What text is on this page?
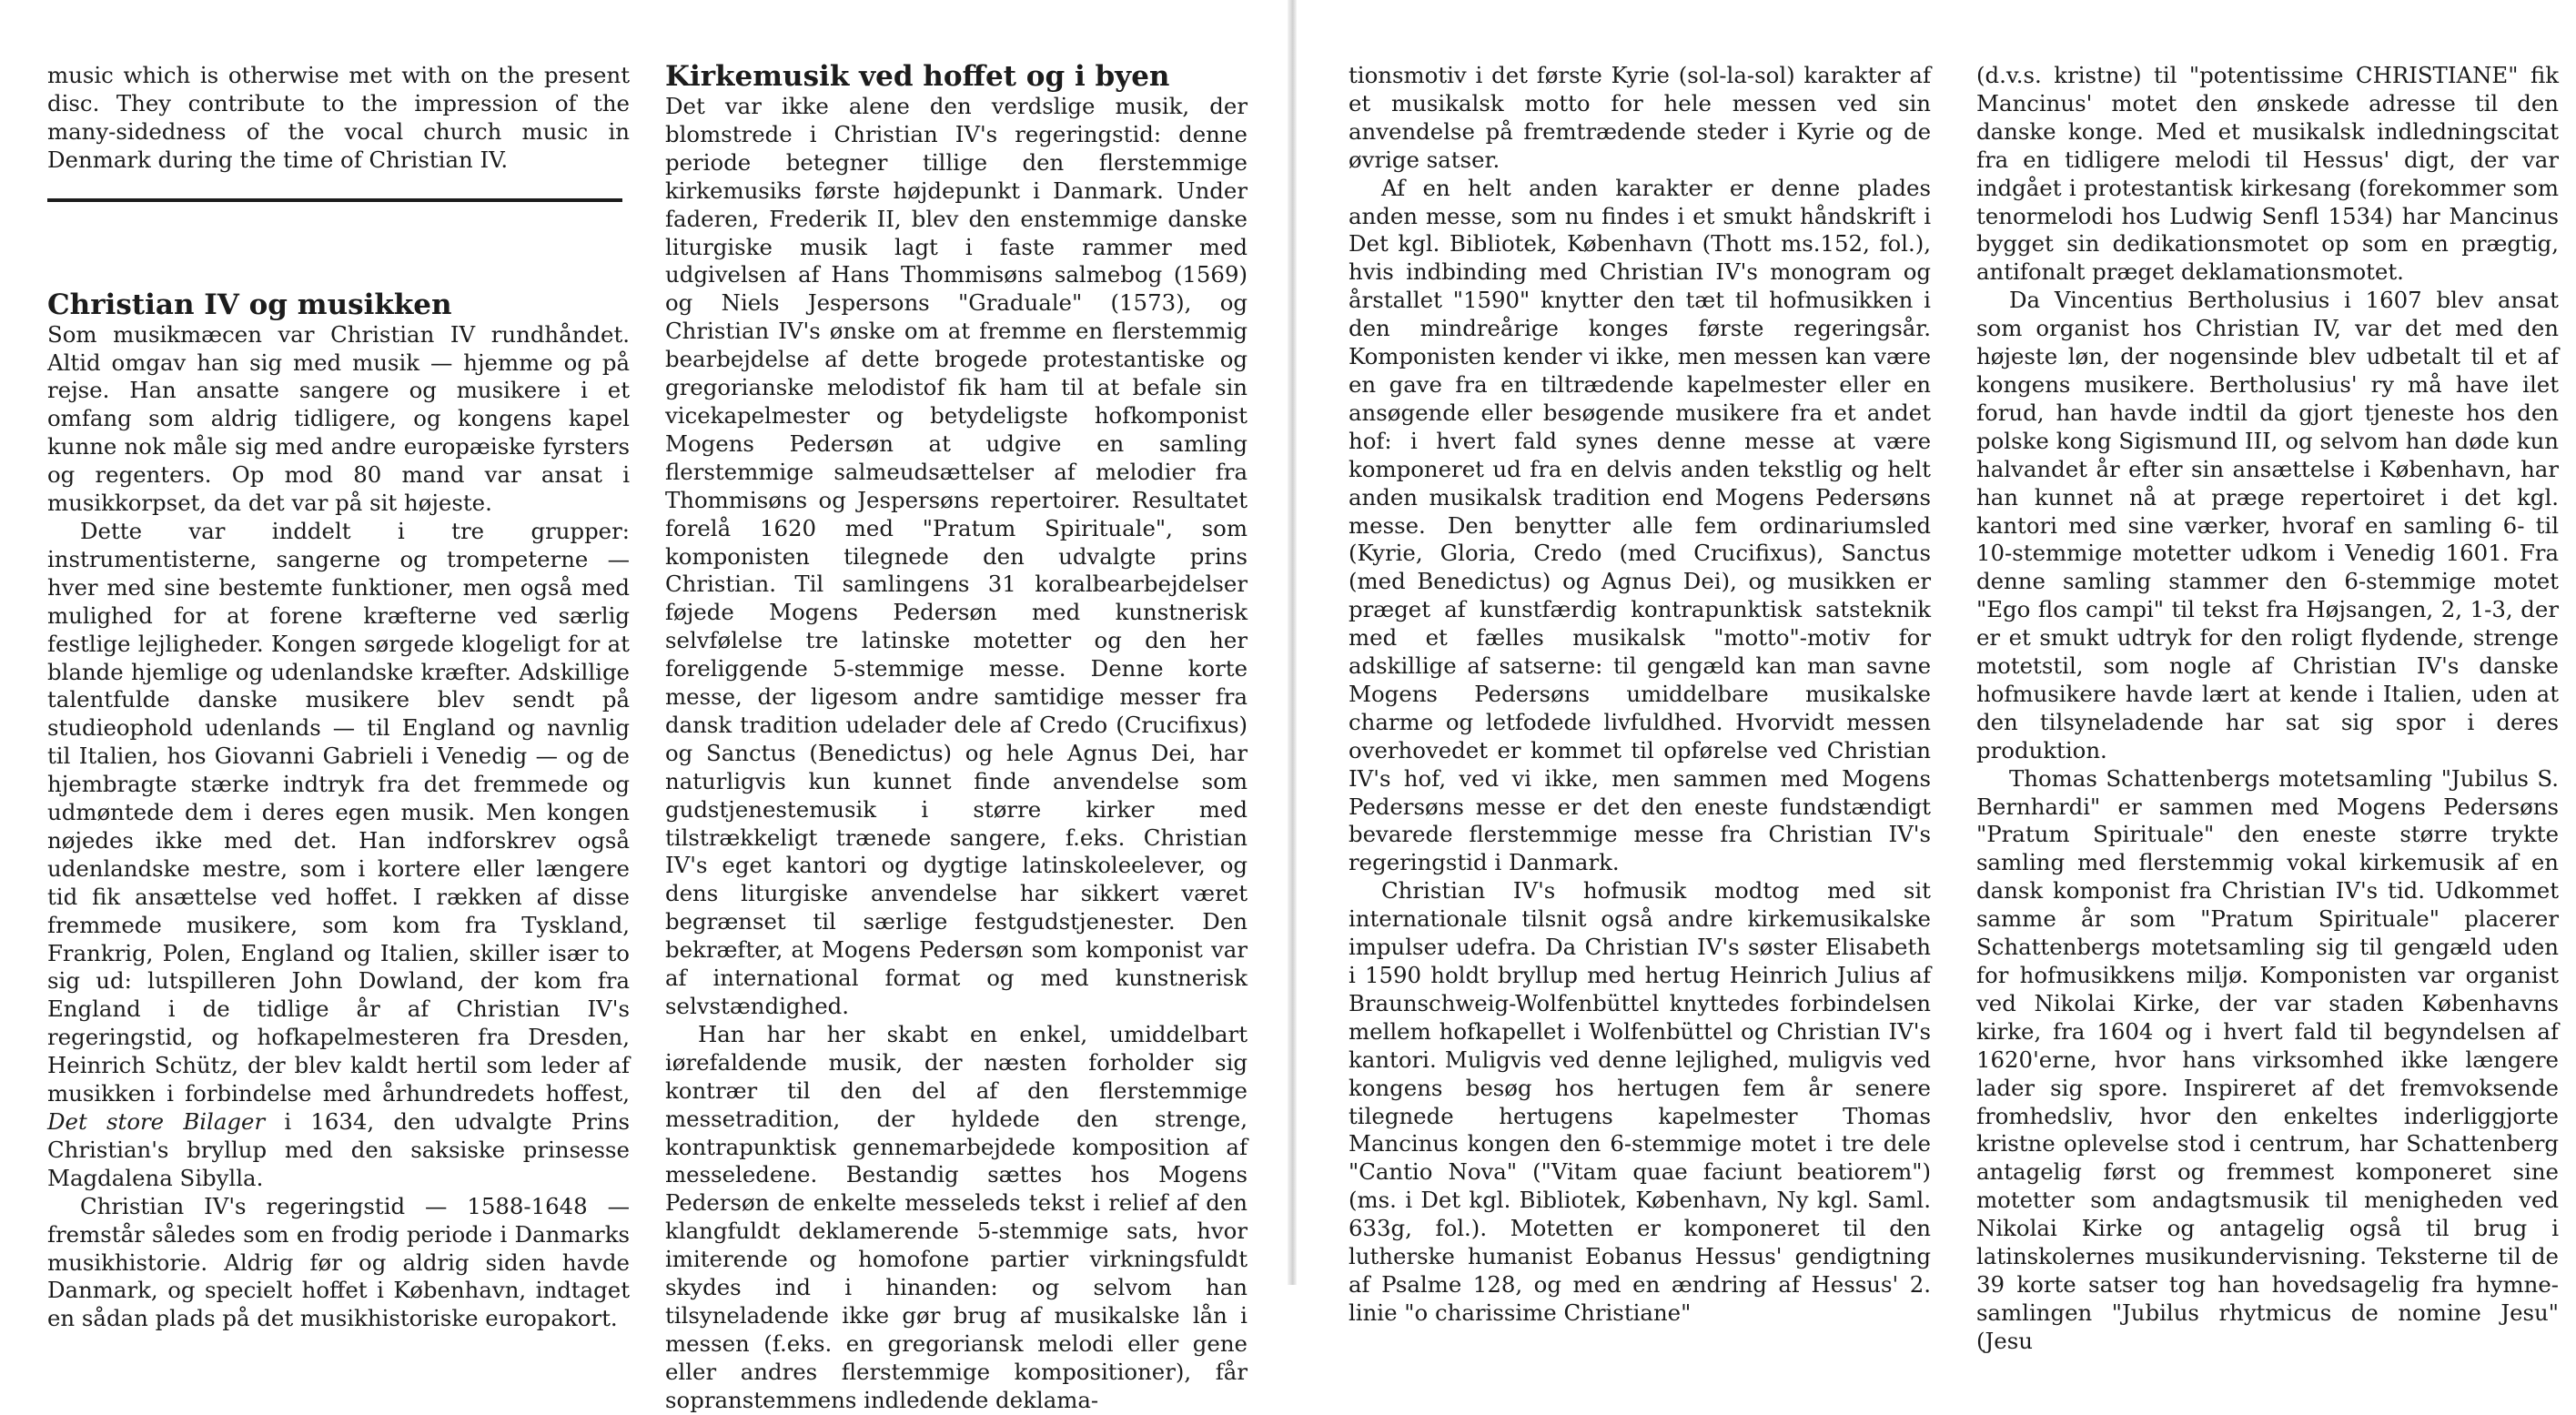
music which is otherwise met with on the present disc. They contribute to the impression of the many-sidedness of the vocal church music in Denmark during the time of Christian IV.

Christian IV og musikken

Som musikmæcen var Christian IV rundhåndet. Altid omgav han sig med musik — hjemme og på rejse. Han ansatte sangere og musikere i et omfang som aldrig tidligere, og kongens kapel kunne nok måle sig med andre europæiske fyrsters og regenters. Op mod 80 mand var ansat i musikkorpset, da det var på sit højeste.

Dette var inddelt i tre grupper: instrumentisterne, sangerne og trompeterne — hver med sine bestemte funktioner, men også med mulighed for at forene kræfterne ved særlig festlige lejligheder. Kongen sørgede klogeligt for at blande hjemlige og udenlandske kræfter. Adskillige talentfulde danske musikere blev sendt på studieophold udenlands — til England og navnlig til Italien, hos Giovanni Gabrieli i Venedig — og de hjembragte stærke indtryk fra det fremmede og udmøntede dem i deres egen musik. Men kongen nøjedes ikke med det. Han indforskrev også udenlandske mestre, som i kortere eller længere tid fik ansættelse ved hoffet. I rækken af disse fremmede musikere, som kom fra Tyskland, Frankrig, Polen, England og Italien, skiller især to sig ud: lutspilleren John Dowland, der kom fra England i de tidlige år af Christian IV's regeringstid, og hofkapelmesteren fra Dresden, Heinrich Schütz, der blev kaldt hertil som leder af musikken i forbindelse med århundredets hoffest, Det store Bilager i 1634, den udvalgte Prins Christian's bryllup med den saksiske prinsesse Magdalena Sibylla.

Christian IV's regeringstid — 1588-1648 — fremstår således som en frodig periode i Danmarks musikhistorie. Aldrig før og aldrig siden havde Danmark, og specielt hoffet i København, indtaget en sådan plads på det musikhistoriske europakort.

Kirkemusik ved hoffet og i byen

Det var ikke alene den verdslige musik, der blomstrede i Christian IV's regeringstid: denne periode betegner tillige den flerstemmige kirkemusiks første højdepunkt i Danmark. Under faderen, Frederik II, blev den enstemmige danske liturgiske musik lagt i faste rammer med udgivelsen af Hans Thommisøns salmebog (1569) og Niels Jespersons "Graduale" (1573), og Christian IV's ønske om at fremme en flerstemmig bearbejdelse af dette brogede protestantiske og gregorianske melodistof fik ham til at befale sin vicekapelmester og betydeligste hofkomponist Mogens Pedersøn at udgive en samling flerstemmige salmeudsættelser af melodier fra Thommisøns og Jespersøns repertoirer. Resultatet forelå 1620 med "Pratum Spirituale", som komponisten tilegnede den udvalgte prins Christian. Til samlingens 31 koralbearbejdelser føjede Mogens Pedersøn med kunstnerisk selvfølelse tre latinske motetter og den her foreliggende 5-stemmige messe. Denne korte messe, der ligesom andre samtidige messer fra dansk tradition udelader dele af Credo (Crucifixus) og Sanctus (Benedictus) og hele Agnus Dei, har naturligvis kun kunnet finde anvendelse som gudstjenestemusik i større kirker med tilstrækkeligt trænede sangere, f.eks. Christian IV's eget kantori og dygtige latinskoleelever, og dens liturgiske anvendelse har sikkert været begrænset til særlige festgudstjenester. Den bekræfter, at Mogens Pedersøn som komponist var af international format og med kunstnerisk selvstændighed.

Han har her skabt en enkel, umiddelbart iørefaldende musik, der næsten forholder sig kontrær til den del af den flerstemmige messetradition, der hyldede den strenge, kontrapunktisk gennemarbejdede komposition af messeledene. Bestandig sættes hos Mogens Pedersøn de enkelte messeleds tekst i relief af den klangfuldt deklamerende 5-stemmige sats, hvor imiterende og homofone partier virkningsfuldt skydes ind i hinanden: og selvom han tilsyneladende ikke gør brug af musikalske lån i messen (f.eks. en gregoriansk melodi eller gene eller andres flerstemmige kompositioner), får sopranstemmens indledende deklama-

tionsmotiv i det første Kyrie (sol-la-sol) karakter af et musikalsk motto for hele messen ved sin anvendelse på fremtrædende steder i Kyrie og de øvrige satser.

Af en helt anden karakter er denne plades anden messe, som nu findes i et smukt håndskrift i Det kgl. Bibliotek, København (Thott ms.152, fol.), hvis indbinding med Christian IV's monogram og årstallet "1590" knytter den tæt til hofmusikken i den mindreårige konges første regeringsår. Komponisten kender vi ikke, men messen kan være en gave fra en tiltrædende kapelmester eller en ansøgende eller besøgende musikere fra et andet hof: i hvert fald synes denne messe at være komponeret ud fra en delvis anden tekstlig og helt anden musikalsk tradition end Mogens Pedersøns messe. Den benytter alle fem ordinariumsled (Kyrie, Gloria, Credo (med Crucifixus), Sanctus (med Benedictus) og Agnus Dei), og musikken er præget af kunstfærdig kontrapunktisk satsteknik med et fælles musikalsk "motto"-motiv for adskillige af satserne: til gengæld kan man savne Mogens Pedersøns umiddelbare musikalske charme og letfodede livfuldhed. Hvorvidt messen overhovedet er kommet til opførelse ved Christian IV's hof, ved vi ikke, men sammen med Mogens Pedersøns messe er det den eneste fundstændigt bevarede flerstemmige messe fra Christian IV's regeringstid i Danmark.

Christian IV's hofmusik modtog med sit internationale tilsnit også andre kirkemusikalske impulser udefra. Da Christian IV's søster Elisabeth i 1590 holdt bryllup med hertug Heinrich Julius af Braunschweig-Wolfenbüttel knyttedes forbindelsen mellem hofkapellet i Wolfenbüttel og Christian IV's kantori. Muligvis ved denne lejlighed, muligvis ved kongens besøg hos hertugen fem år senere tilegnede hertugens kapelmester Thomas Mancinus kongen den 6-stemmige motet i tre dele "Cantio Nova" ("Vitam quae faciunt beatiorem") (ms. i Det kgl. Bibliotek, København, Ny kgl. Saml. 633g, fol.). Motetten er komponeret til den lutherske humanist Eobanus Hessus' gendigtning af Psalme 128, og med en ændring af Hessus' 2. linie "o charissime Christiane"

(d.v.s. kristne) til "potentissime CHRISTIANE" fik Mancinus' motet den ønskede adresse til den danske konge. Med et musikalsk indledningscitat fra en tidligere melodi til Hessus' digt, der var indgået i protestantisk kirkesang (forekommer som tenormelodi hos Ludwig Senfl 1534) har Mancinus bygget sin dedikationsmotet op som en prægtig, antifonalt præget deklamationsmotet.

Da Vincentius Bertholusius i 1607 blev ansat som organist hos Christian IV, var det med den højeste løn, der nogensinde blev udbetalt til et af kongens musikere. Bertholusius' ry må have ilet forud, han havde indtil da gjort tjeneste hos den polske kong Sigismund III, og selvom han døde kun halvandet år efter sin ansættelse i København, har han kunnet nå at præge repertoiret i det kgl. kantori med sine værker, hvoraf en samling 6- til 10-stemmige motetter udkom i Venedig 1601. Fra denne samling stammer den 6-stemmige motet "Ego flos campi" til tekst fra Højsangen, 2, 1-3, der er et smukt udtryk for den roligt flydende, strenge motetstil, som nogle af Christian IV's danske hofmusikere havde lært at kende i Italien, uden at den tilsyneladende har sat sig spor i deres produktion.

Thomas Schattenbergs motetsamling "Jubilus S. Bernhardi" er sammen med Mogens Pedersøns "Pratum Spirituale" den eneste større trykte samling med flerstemmig vokal kirkemusik af en dansk komponist fra Christian IV's tid. Udkommet samme år som "Pratum Spirituale" placerer Schattenbergs motetsamling sig til gengæld uden for hofmusikkens miljø. Komponisten var organist ved Nikolai Kirke, der var staden Københavns kirke, fra 1604 og i hvert fald til begyndelsen af 1620'erne, hvor hans virksomhed ikke længere lader sig spore. Inspireret af det fremvoksende fromhedsliv, hvor den enkeltes inderliggjorte kristne oplevelse stod i centrum, har Schattenberg antagelig først og fremmest komponeret sine motetter som andagtsmusik til menigheden ved Nikolai Kirke og antagelig også til brug i latinskolernes musikundervisning. Teksterne til de 39 korte satser tog han hovedsagelig fra hymne-samlingen "Jubilus rhytmicus de nomine Jesu" (Jesu
